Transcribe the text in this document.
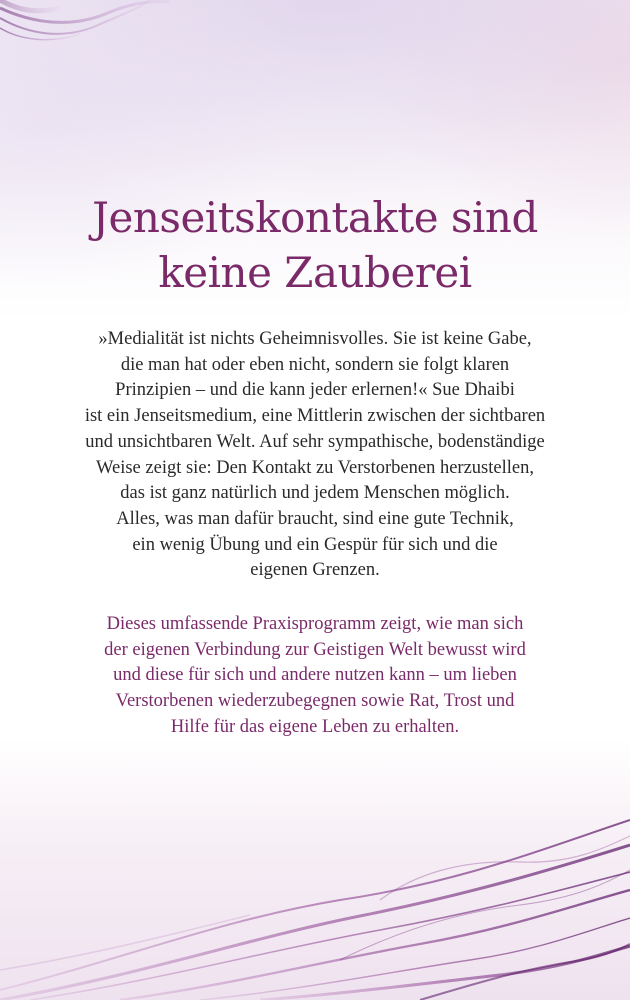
Jenseitskontakte sind
keine Zauberei

»Medialität ist nichts Geheimnisvolles. Sie ist keine Gabe,
die man hat oder eben nicht, sondern sie folgt klaren
Prinzipien – und die kann jeder erlernen!« Sue Dhaibi
ist ein Jenseitsmedium, eine Mittlerin zwischen der sichtbaren
und unsichtbaren Welt. Auf sehr sympathische, bodenständige
Weise zeigt sie: Den Kontakt zu Verstorbenen herzustellen,
das ist ganz natürlich und jedem Menschen möglich.
Alles, was man dafür braucht, sind eine gute Technik,
ein wenig Übung und ein Gespür für sich und die
eigenen Grenzen.

Dieses umfassende Praxisprogramm zeigt, wie man sich
der eigenen Verbindung zur Geistigen Welt bewusst wird
und diese für sich und andere nutzen kann – um lieben
Verstorbenen wiederzubegegnen sowie Rat, Trost und
Hilfe für das eigene Leben zu erhalten.
